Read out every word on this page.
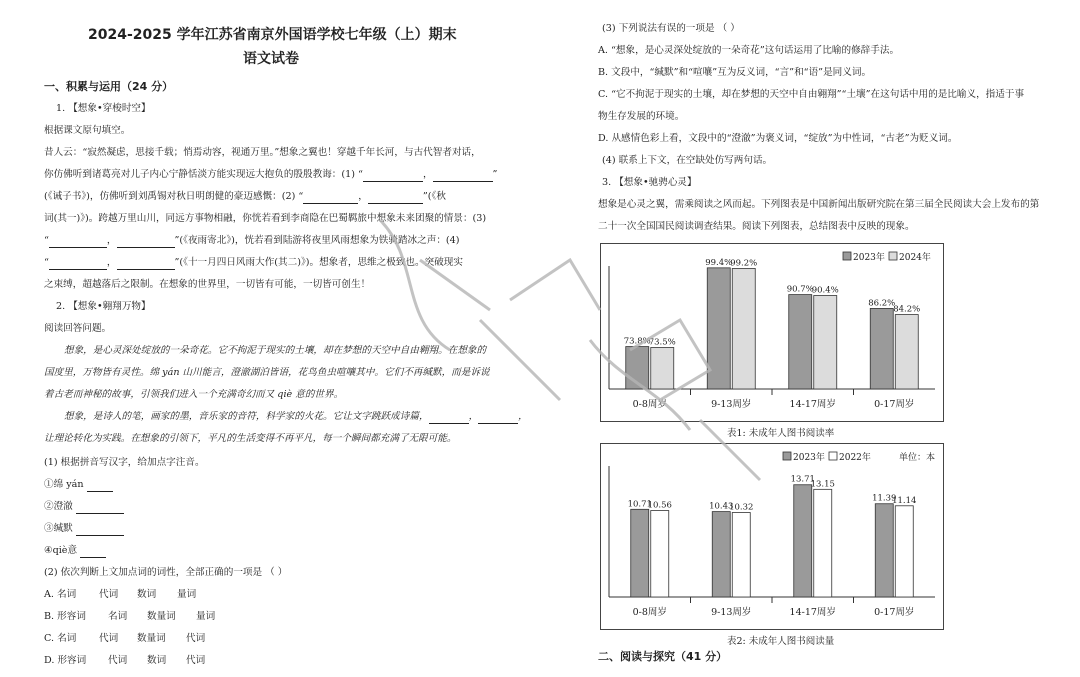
2024-2025 学年江苏省南京外国语学校七年级（上）期末
语文试卷
一、积累与运用（24 分）
1. 【想象•穿梭时空】
根据课文原句填空。
昔人云：“寂然凝虑，思接千载；悄焉动容，视通万里。”想象之翼也！穿越千年长河，与古代智者对话，
你仿佛听到诸葛亮对儿子内心宁静恬淡方能实现远大抱负的殷殷教诲：(1) “	，	”
(《诫子书》)，仿佛听到刘禹锡对秋日明朗健的豪迈感慨：(2) “	，	”(《秋
词(其一)》)。跨越万里山川，同远方事物相融，你恍若看到李商隐在巴蜀羁旅中想象未来团聚的情景：(3)
“	，	”(《夜雨寄北》)，恍若看到陆游将夜里风雨想象为铁骑踏冰之声：(4)
“	，	”(《十一月四日风雨大作(其二)》)。想象者，思维之极致也。突破现实
之束缚，超越落后之限制。在想象的世界里，一切皆有可能，一切皆可创生！
2. 【想象•翱翔万物】
阅读回答问题。
想象，是心灵深处绽放的一朵奇花。它不拘泥于现实的土壤，却在梦想的天空中自由翱翔。在想象的
国度里，万物皆有灵性。绵 yán 山川能言，澄澈湖泊皆语，花鸟鱼虫喧嚷其中。它们不再缄默，而是诉说
着古老而神秘的故事，引领我们进入一个充满奇幻而又 qiè 意的世界。
想象，是诗人的笔，画家的墨，音乐家的音符，科学家的火花。它让文字跳跃成诗篇，	，	，
让理论转化为实践。在想象的引领下，平凡的生活变得不再平凡，每一个瞬间都充满了无限可能。
(1) 根据拼音写汉字，给加点字注音。
①绵 yán
②澄澈
③缄默
④qiè意
(2) 依次判断上文加点词的词性，全部正确的一项是 （ ）
A. 名词 代词 数词 量词
B. 形容词 名词 数量词 量词
C. 名词 代词 数量词 代词
D. 形容词 代词 数词 代词
(3) 下列说法有误的一项是 （ ）
A. “想象，是心灵深处绽放的一朵奇花”这句话运用了比喻的修辞手法。
B. 文段中，“缄默”和“喧嚷”互为反义词，“言”和“语”是同义词。
C. “它不拘泥于现实的土壤，却在梦想的天空中自由翱翔”“土壤”在这句话中用的是比喻义，指适于事
物生存发展的环境。
D. 从感情色彩上看，文段中的“澄澈”为褒义词，“绽放”为中性词，“古老”为贬义词。
(4) 联系上下文，在空缺处仿写两句话。
3. 【想象•驰骋心灵】
想象是心灵之翼，需乘阅读之风而起。下列图表是中国新闻出版研究院在第三届全民阅读大会上发布的第
二十一次全国国民阅读调查结果。阅读下列图表，总结图表中反映的现象。
0-8周岁
73.8%
73.5%
9-13周岁
99.4%
99.2%
14-17周岁
90.7%
90.4%
0-17周岁
86.2%
84.2%
2023年 2024年
表1: 未成年人图书阅读率
0-8周岁
10.71
10.56
9-13周岁
10.43
10.32
14-17周岁
13.71
13.15
0-17周岁
11.39
11.14
2023年 2022年	单位：本
表2: 未成年人图书阅读量
二、阅读与探究（41 分）
